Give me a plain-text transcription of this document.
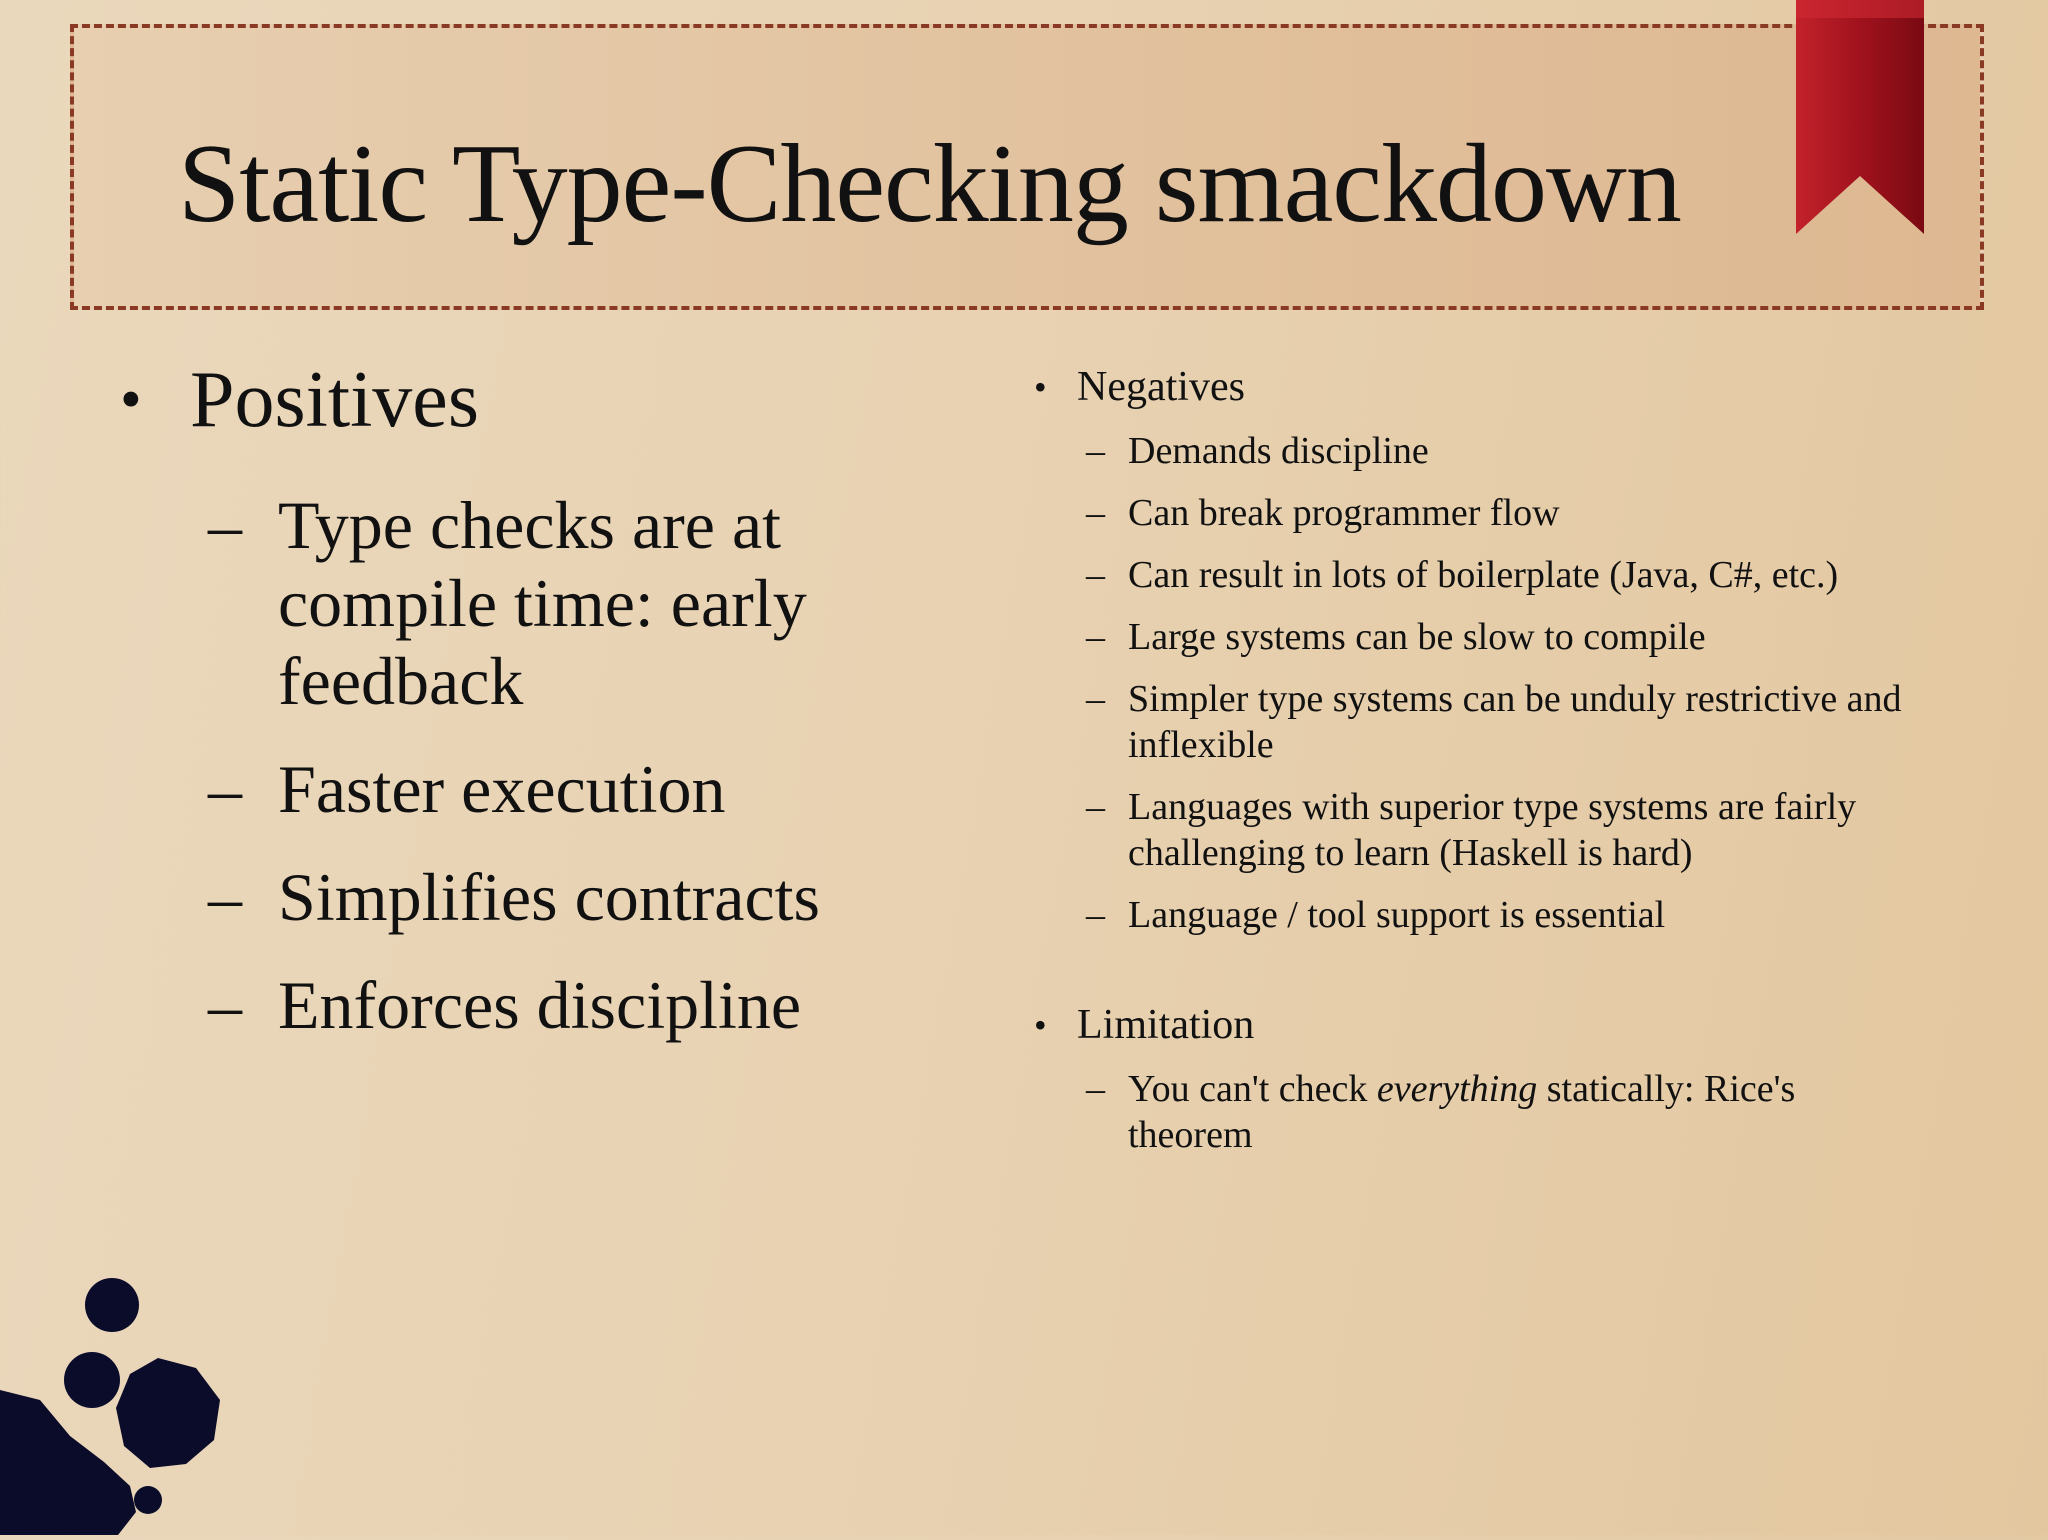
Static Type-Checking smackdown
• Positives
– Type checks are at compile time: early feedback
– Faster execution
– Simplifies contracts
– Enforces discipline
• Negatives
– Demands discipline
– Can break programmer flow
– Can result in lots of boilerplate (Java, C#, etc.)
– Large systems can be slow to compile
– Simpler type systems can be unduly restrictive and inflexible
– Languages with superior type systems are fairly challenging to learn (Haskell is hard)
– Language / tool support is essential
• Limitation
– You can't check everything statically: Rice's theorem
